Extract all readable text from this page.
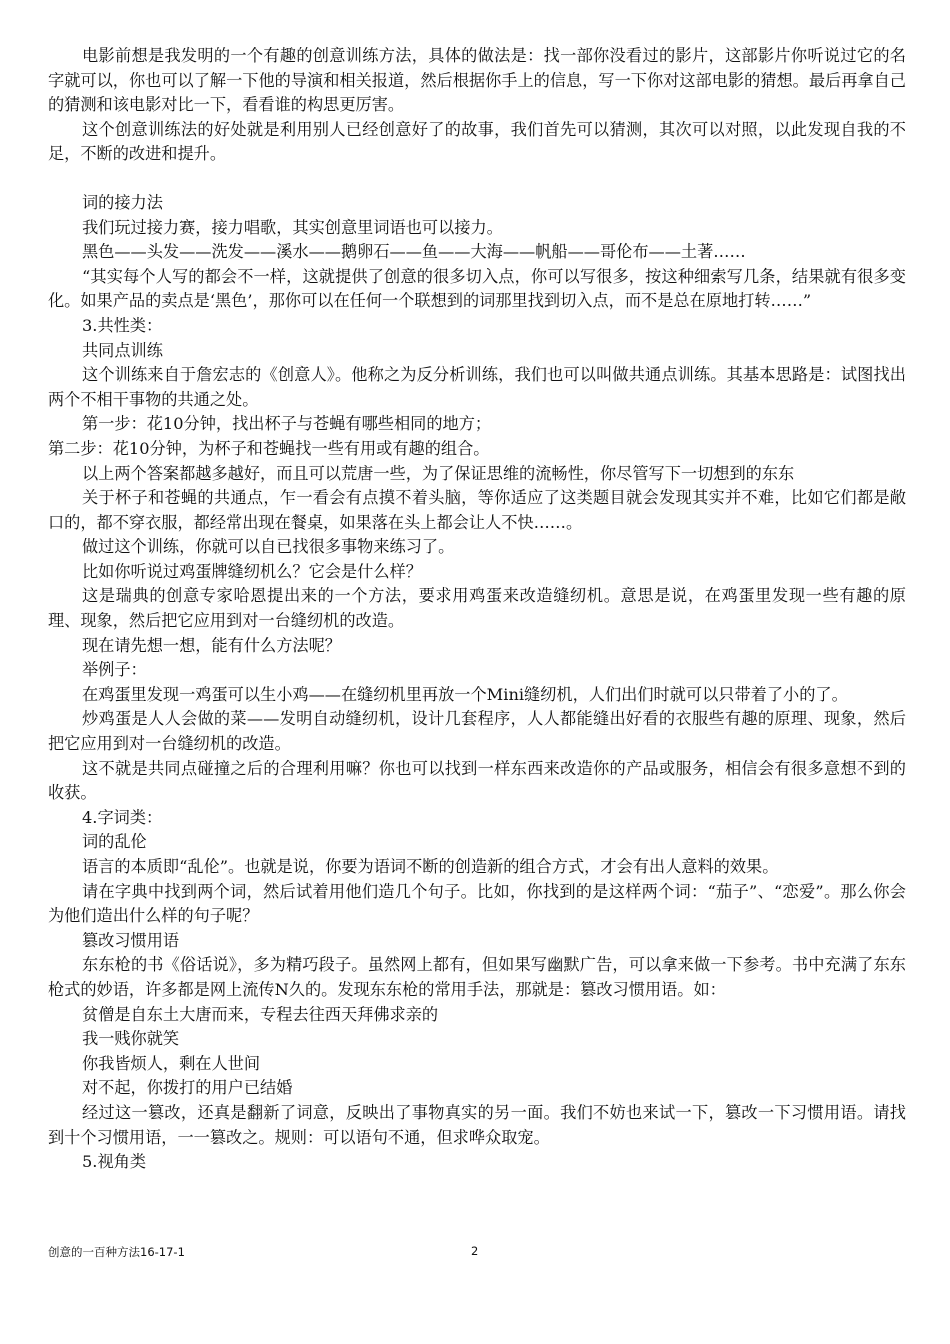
电影前想是我发明的一个有趣的创意训练方法，具体的做法是：找一部你没看过的影片，这部影片你听说过它的名字就可以，你也可以了解一下他的导演和相关报道，然后根据你手上的信息，写一下你对这部电影的猜想。最后再拿自己的猜测和该电影对比一下，看看谁的构思更厉害。

这个创意训练法的好处就是利用别人已经创意好了的故事，我们首先可以猜测，其次可以对照，以此发现自我的不足，不断的改进和提升。

词的接力法

我们玩过接力赛，接力唱歌，其实创意里词语也可以接力。

黑色——头发——洗发——溪水——鹅卵石——鱼——大海——帆船——哥伦布——土著……

“其实每个人写的都会不一样，这就提供了创意的很多切入点，你可以写很多，按这种细索写几条，结果就有很多变化。如果产品的卖点是‘黑色’，那你可以在任何一个联想到的词那里找到切入点，而不是总在原地打转……”

3.共性类：

共同点训练

这个训练来自于詹宏志的《创意人》。他称之为反分析训练，我们也可以叫做共通点训练。其基本思路是：试图找出两个不相干事物的共通之处。

第一步：花10分钟，找出杯子与苍蝇有哪些相同的地方；

第二步：花10分钟，为杯子和苍蝇找一些有用或有趣的组合。

以上两个答案都越多越好，而且可以荒唐一些，为了保证思维的流畅性，你尽管写下一切想到的东东

关于杯子和苍蝇的共通点，乍一看会有点摸不着头脑，等你适应了这类题目就会发现其实并不难，比如它们都是敞口的，都不穿衣服，都经常出现在餐桌，如果落在头上都会让人不快……。

做过这个训练，你就可以自已找很多事物来练习了。

比如你听说过鸡蛋牌缝纫机么？它会是什么样？

这是瑞典的创意专家哈恩提出来的一个方法，要求用鸡蛋来改造缝纫机。意思是说，在鸡蛋里发现一些有趣的原理、现象，然后把它应用到对一台缝纫机的改造。

现在请先想一想，能有什么方法呢？

举例子：

在鸡蛋里发现一鸡蛋可以生小鸡——在缝纫机里再放一个Mini缝纫机，人们出们时就可以只带着了小的了。

炒鸡蛋是人人会做的菜——发明自动缝纫机，设计几套程序，人人都能缝出好看的衣服些有趣的原理、现象，然后把它应用到对一台缝纫机的改造。

这不就是共同点碰撞之后的合理利用嘛？你也可以找到一样东西来改造你的产品或服务，相信会有很多意想不到的收获。

4.字词类：

词的乱伦

语言的本质即“乱伦”。也就是说，你要为语词不断的创造新的组合方式，才会有出人意料的效果。

请在字典中找到两个词，然后试着用他们造几个句子。比如，你找到的是这样两个词：“茄子”、“恋爱”。那么你会为他们造出什么样的句子呢？

篡改习惯用语

东东枪的书《俗话说》，多为精巧段子。虽然网上都有，但如果写幽默广告，可以拿来做一下参考。书中充满了东东枪式的妙语，许多都是网上流传N久的。发现东东枪的常用手法，那就是：篡改习惯用语。如：

贫僧是自东土大唐而来，专程去往西天拜佛求亲的

我一贱你就笑

你我皆烦人，剩在人世间

对不起，你拨打的用户已结婚

经过这一篡改，还真是翻新了词意，反映出了事物真实的另一面。我们不妨也来试一下，篡改一下习惯用语。请找到十个习惯用语，一一篡改之。规则：可以语句不通，但求哗众取宠。

5.视角类

创意的一百种方法16-17-1	2
